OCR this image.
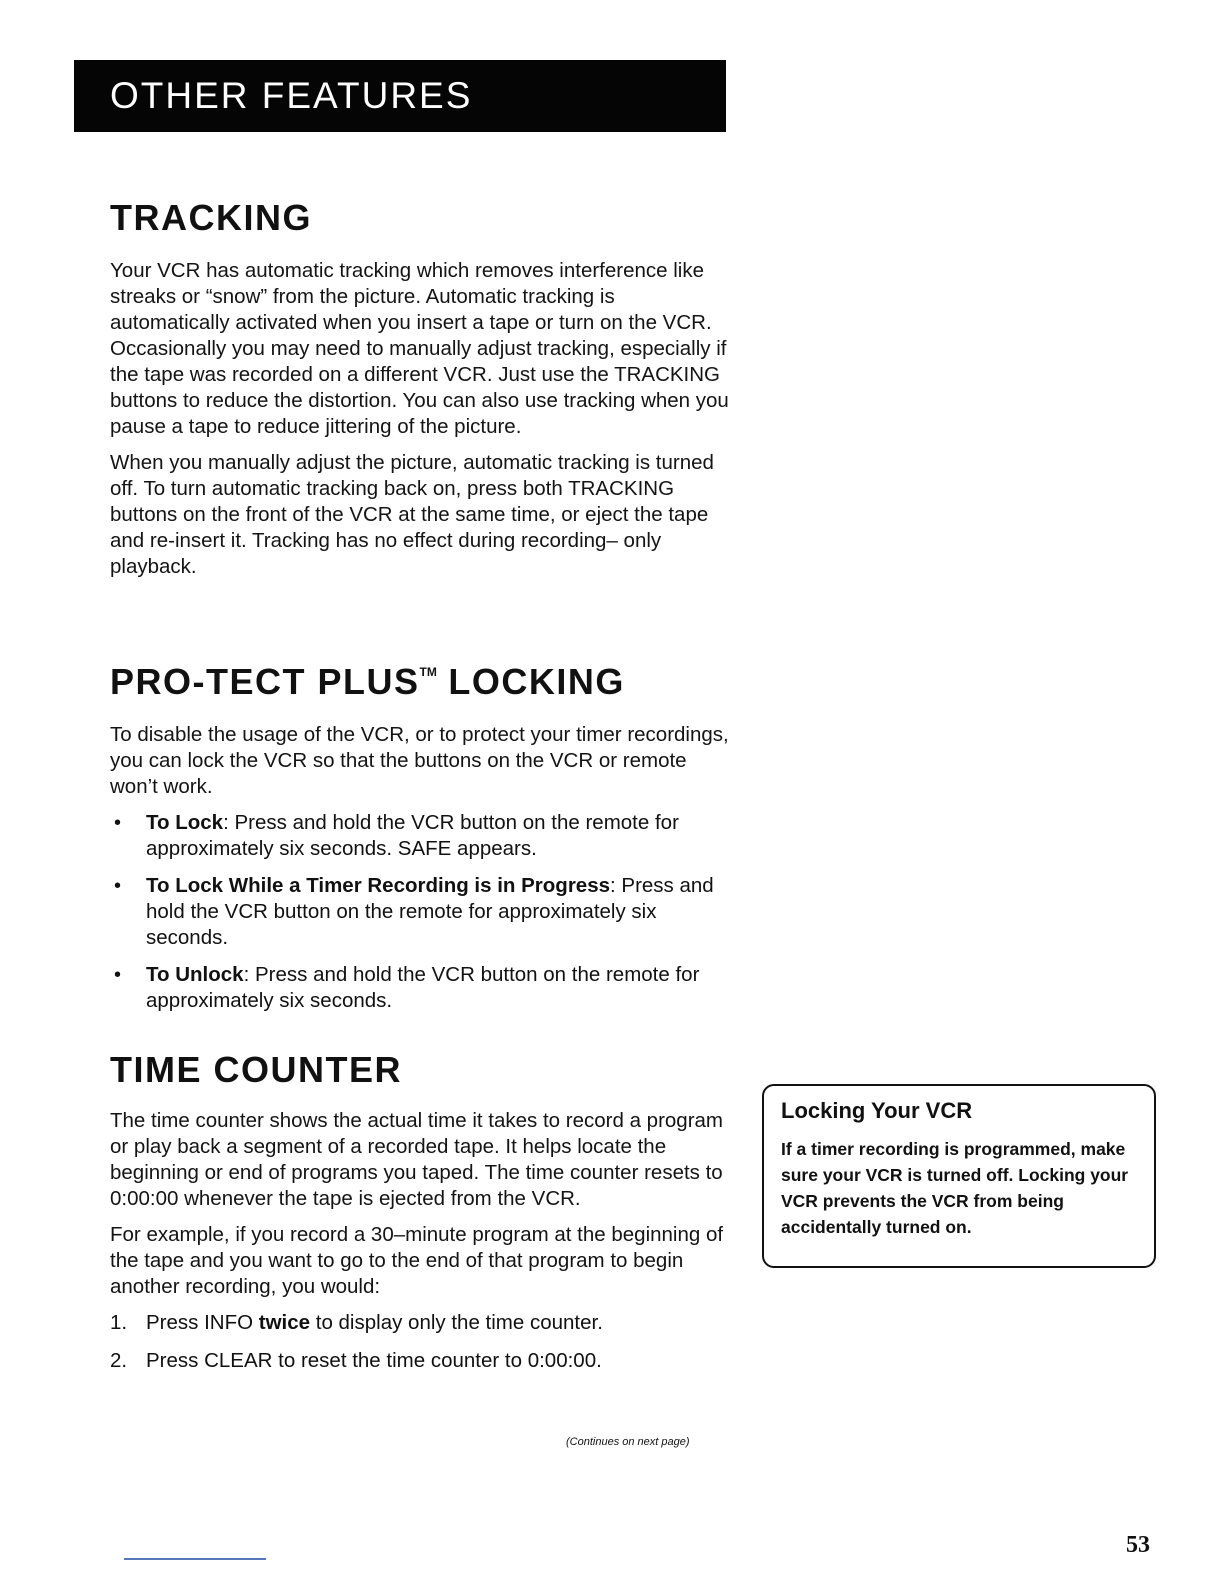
OTHER FEATURES
TRACKING

Your VCR has automatic tracking which removes interference like streaks or “snow” from the picture. Automatic tracking is automatically activated when you insert a tape or turn on the VCR. Occasionally you may need to manually adjust tracking, especially if the tape was recorded on a different VCR. Just use the TRACKING buttons to reduce the distortion. You can also use tracking when you pause a tape to reduce jittering of the picture.

When you manually adjust the picture, automatic tracking is turned off. To turn automatic tracking back on, press both TRACKING buttons on the front of the VCR at the same time, or eject the tape and re-insert it. Tracking has no effect during recording– only playback.

PRO-TECT PLUS™ LOCKING

To disable the usage of the VCR, or to protect your timer recordings, you can lock the VCR so that the buttons on the VCR or remote won’t work.

• To Lock: Press and hold the VCR button on the remote for approximately six seconds. SAFE appears.
• To Lock While a Timer Recording is in Progress: Press and hold the VCR button on the remote for approximately six seconds.
• To Unlock: Press and hold the VCR button on the remote for approximately six seconds.
TIME COUNTER

The time counter shows the actual time it takes to record a program or play back a segment of a recorded tape. It helps locate the beginning or end of programs you taped. The time counter resets to 0:00:00 whenever the tape is ejected from the VCR.

For example, if you record a 30–minute program at the beginning of the tape and you want to go to the end of that program to begin another recording, you would:

1. Press INFO twice to display only the time counter.
2. Press CLEAR to reset the time counter to 0:00:00.

Locking Your VCR

If a timer recording is programmed, make sure your VCR is turned off. Locking your VCR prevents the VCR from being accidentally turned on.

(Continues on next page)
53
